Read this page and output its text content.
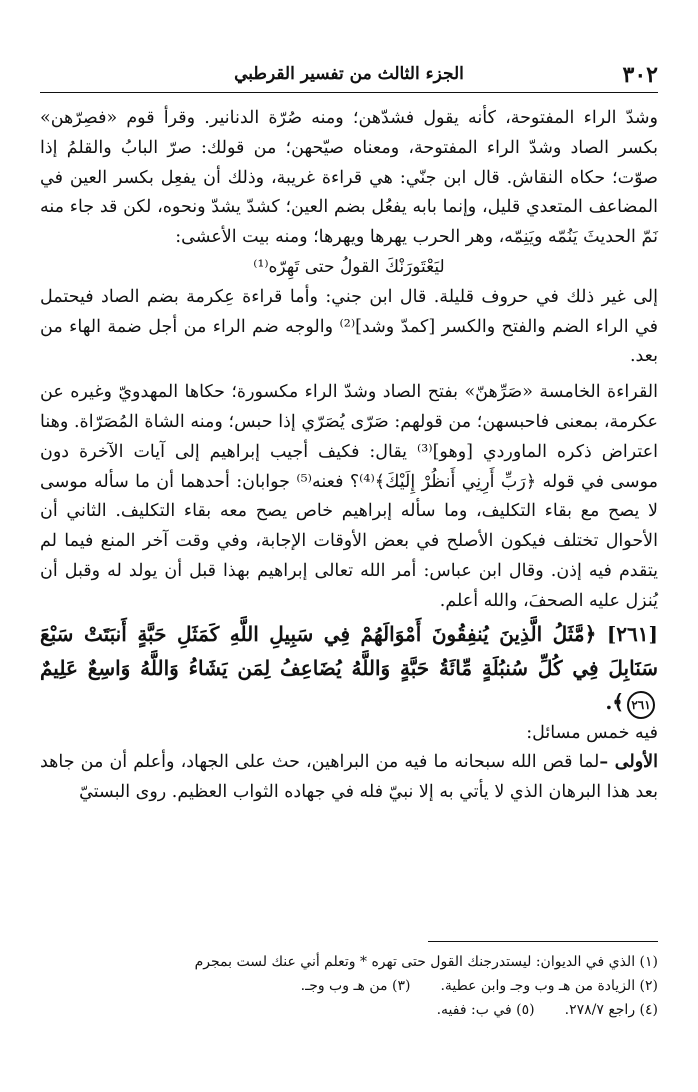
٣٠٢
الجزء الثالث من تفسير القرطبي

وشدّ الراء المفتوحة، كأنه يقول فشدّهن؛ ومنه صُرّة الدنانير. وقرأ قوم «فصِرّهن» بكسر الصاد وشدّ الراء المفتوحة، ومعناه صيّحهن؛ من قولك: صرّ البابُ والقلمُ إذا صوّت؛ حكاه النقاش. قال ابن جنّي: هي قراءة غريبة، وذلك أن يفعِل بكسر العين في المضاعف المتعدي قليل، وإنما بابه يفعُل بضم العين؛ كشدّ يشدّ ونحوه، لكن قد جاء منه نَمّ الحديثَ يَنُمّه ويَنِمّه، وهر الحرب يهرها ويهرها؛ ومنه بيت الأعشى:

ليَعْتَورَنْكَ القولُ حتى تَهِرّه⁽¹⁾

إلى غير ذلك في حروف قليلة. قال ابن جني: وأما قراءة عِكرمة بضم الصاد فيحتمل في الراء الضم والفتح والكسر [كمدّ وشد]⁽²⁾ والوجه ضم الراء من أجل ضمة الهاء من بعد.

القراءة الخامسة «صَرِّهنّ» بفتح الصاد وشدّ الراء مكسورة؛ حكاها المهدويّ وغيره عن عكرمة، بمعنى فاحبسهن؛ من قولهم: صَرّى يُصَرّي إذا حبس؛ ومنه الشاة المُصَرّاة. وهنا اعتراض ذكره الماوردي [وهو]⁽³⁾ يقال: فكيف أجيب إبراهيم إلى آيات الآخرة دون موسى في قوله ﴿رَبِّ أَرِنِي أَنظُرْ إِلَيْكَ﴾⁽⁴⁾؟ فعنه⁽⁵⁾ جوابان: أحدهما أن ما سأله موسى لا يصح مع بقاء التكليف، وما سأله إبراهيم خاص يصح معه بقاء التكليف. الثاني أن الأحوال تختلف فيكون الأصلح في بعض الأوقات الإجابة، وفي وقت آخر المنع فيما لم يتقدم فيه إذن. وقال ابن عباس: أمر الله تعالى إبراهيم بهذا قبل أن يولد له وقبل أن يُنزل عليه الصحفَ، والله أعلم.

[٢٦١] ﴿مَّثَلُ الَّذِينَ يُنفِقُونَ أَمْوَالَهُمْ فِي سَبِيلِ اللَّهِ كَمَثَلِ حَبَّةٍ أَنبَتَتْ سَبْعَ سَنَابِلَ فِي كُلِّ سُنبُلَةٍ مِّائَةُ حَبَّةٍ وَاللَّهُ يُضَاعِفُ لِمَن يَشَاءُ وَاللَّهُ وَاسِعٌ عَلِيمٌ ٢٦١﴾.

فيه خمس مسائل:

الأولى –لما قص الله سبحانه ما فيه من البراهين، حث على الجهاد، وأعلم أن من جاهد بعد هذا البرهان الذي لا يأتي به إلا نبيّ فله في جهاده الثواب العظيم. روى البستيّ

(١) الذي في الديوان: ليستدرجنك القول حتى تهره * وتعلم أني عنك لست بمجرم
(٢) الزيادة من هـ وب وجـ وابن عطية.
(٣) من هـ وب وجـ.
(٤) راجع ٢٧٨/٧.
(٥) في ب: ففيه.
